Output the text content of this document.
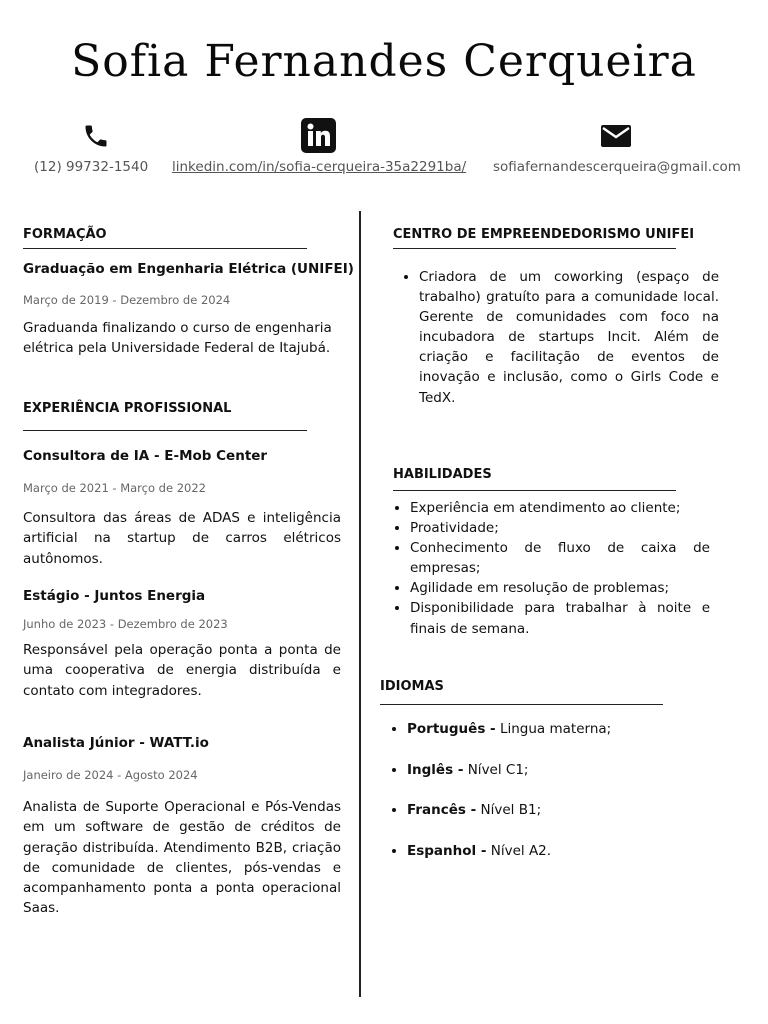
Sofia Fernandes Cerqueira
(12) 99732-1540 linkedin.com/in/sofia-cerqueira-35a2291ba/ sofiafernandescerqueira@gmail.com
FORMAÇÃO
Graduação em Engenharia Elétrica (UNIFEI)
Março de 2019 - Dezembro de 2024

Graduanda finalizando o curso de engenharia elétrica pela Universidade Federal de Itajubá.

EXPERIÊNCIA PROFISSIONAL
Consultora de IA - E-Mob Center
Março de 2021 - Março de 2022

Consultora das áreas de ADAS e inteligência artificial na startup de carros elétricos autônomos.

Estágio - Juntos Energia
Junho de 2023 - Dezembro de 2023

Responsável pela operação ponta a ponta de uma cooperativa de energia distribuída e contato com integradores.

Analista Júnior - WATT.io
Janeiro de 2024 - Agosto 2024

Analista de Suporte Operacional e Pós-Vendas em um software de gestão de créditos de geração distribuída. Atendimento B2B, criação de comunidade de clientes, pós-vendas e acompanhamento ponta a ponta operacional Saas.

CENTRO DE EMPREENDEDORISMO UNIFEI
• Criadora de um coworking (espaço de trabalho) gratuíto para a comunidade local. Gerente de comunidades com foco na incubadora de startups Incit. Além de criação e facilitação de eventos de inovação e inclusão, como o Girls Code e TedX.
HABILIDADES
• Experiência em atendimento ao cliente;
• Proatividade;
• Conhecimento de fluxo de caixa de empresas;
• Agilidade em resolução de problemas;
• Disponibilidade para trabalhar à noite e finais de semana.
IDIOMAS
• Português - Lingua materna;
• Inglês - Nível C1;
• Francês - Nível B1;
• Espanhol - Nível A2.
